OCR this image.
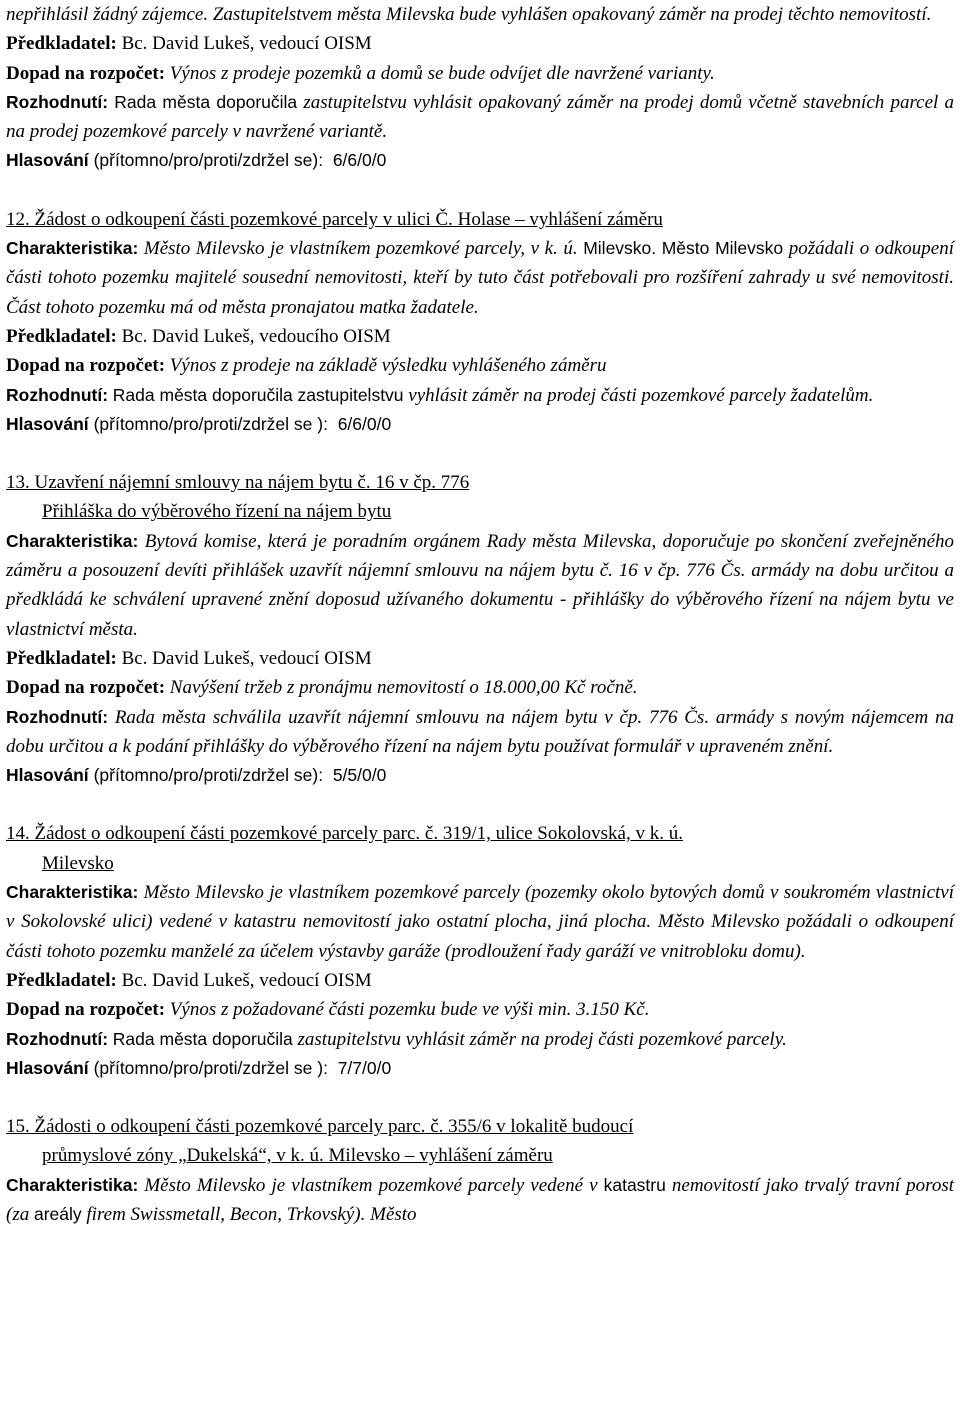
nepřihlásil žádný zájemce. Zastupitelstvem města Milevska bude vyhlášen opakovaný záměr na prodej těchto nemovitostí.

Předkladatel: Bc. David Lukeš, vedoucí OISM

Dopad na rozpočet: Výnos z prodeje pozemků a domů se bude odvíjet dle navržené varianty.

Rozhodnutí: Rada města doporučila zastupitelstvu vyhlásit opakovaný záměr na prodej domů včetně stavebních parcel a na prodej pozemkové parcely v navržené variantě.

Hlasování (přítomno/pro/proti/zdržel se): 6/6/0/0

12. Žádost o odkoupení části pozemkové parcely v ulici Č. Holase – vyhlášení záměru

Charakteristika: Město Milevsko je vlastníkem pozemkové parcely, v k. ú. Milevsko. Město Milevsko požádali o odkoupení části tohoto pozemku majitelé sousední nemovitosti, kteří by tuto část potřebovali pro rozšíření zahrady u své nemovitosti. Část tohoto pozemku má od města pronajatou matka žadatele.

Předkladatel: Bc. David Lukeš, vedoucího OISM

Dopad na rozpočet: Výnos z prodeje na základě výsledku vyhlášeného záměru

Rozhodnutí: Rada města doporučila zastupitelstvu vyhlásit záměr na prodej části pozemkové parcely žadatelům.

Hlasování (přítomno/pro/proti/zdržel se ): 6/6/0/0

13. Uzavření nájemní smlouvy na nájem bytu č. 16 v čp. 776

Přihláška do výběrového řízení na nájem bytu

Charakteristika: Bytová komise, která je poradním orgánem Rady města Milevska, doporučuje po skončení zveřejněného záměru a posouzení devíti přihlášek uzavřít nájemní smlouvu na nájem bytu č. 16 v čp. 776 Čs. armády na dobu určitou a předkládá ke schválení upravené znění doposud užívaného dokumentu - přihlášky do výběrového řízení na nájem bytu ve vlastnictví města.

Předkladatel: Bc. David Lukeš, vedoucí OISM

Dopad na rozpočet: Navýšení tržeb z pronájmu nemovitostí o 18.000,00 Kč ročně.

Rozhodnutí: Rada města schválila uzavřít nájemní smlouvu na nájem bytu v čp. 776 Čs. armády s novým nájemcem na dobu určitou a k podání přihlášky do výběrového řízení na nájem bytu používat formulář v upraveném znění.

Hlasování (přítomno/pro/proti/zdržel se): 5/5/0/0

14. Žádost o odkoupení části pozemkové parcely parc. č. 319/1, ulice Sokolovská, v k. ú.

Milevsko

Charakteristika: Město Milevsko je vlastníkem pozemkové parcely (pozemky okolo bytových domů v soukromém vlastnictví v Sokolovské ulici) vedené v katastru nemovitostí jako ostatní plocha, jiná plocha. Město Milevsko požádali o odkoupení části tohoto pozemku manželé za účelem výstavby garáže (prodloužení řady garáží ve vnitrobloku domu).

Předkladatel: Bc. David Lukeš, vedoucí OISM

Dopad na rozpočet: Výnos z požadované části pozemku bude ve výši min. 3.150 Kč.

Rozhodnutí: Rada města doporučila zastupitelstvu vyhlásit záměr na prodej části pozemkové parcely.

Hlasování (přítomno/pro/proti/zdržel se ): 7/7/0/0

15. Žádosti o odkoupení části pozemkové parcely parc. č. 355/6 v lokalitě budoucí

průmyslové zóny „Dukelská“, v k. ú. Milevsko – vyhlášení záměru

Charakteristika: Město Milevsko je vlastníkem pozemkové parcely vedené v katastru nemovitostí jako trvalý travní porost (za areály firem Swissmetall, Becon, Trkovský). Město
